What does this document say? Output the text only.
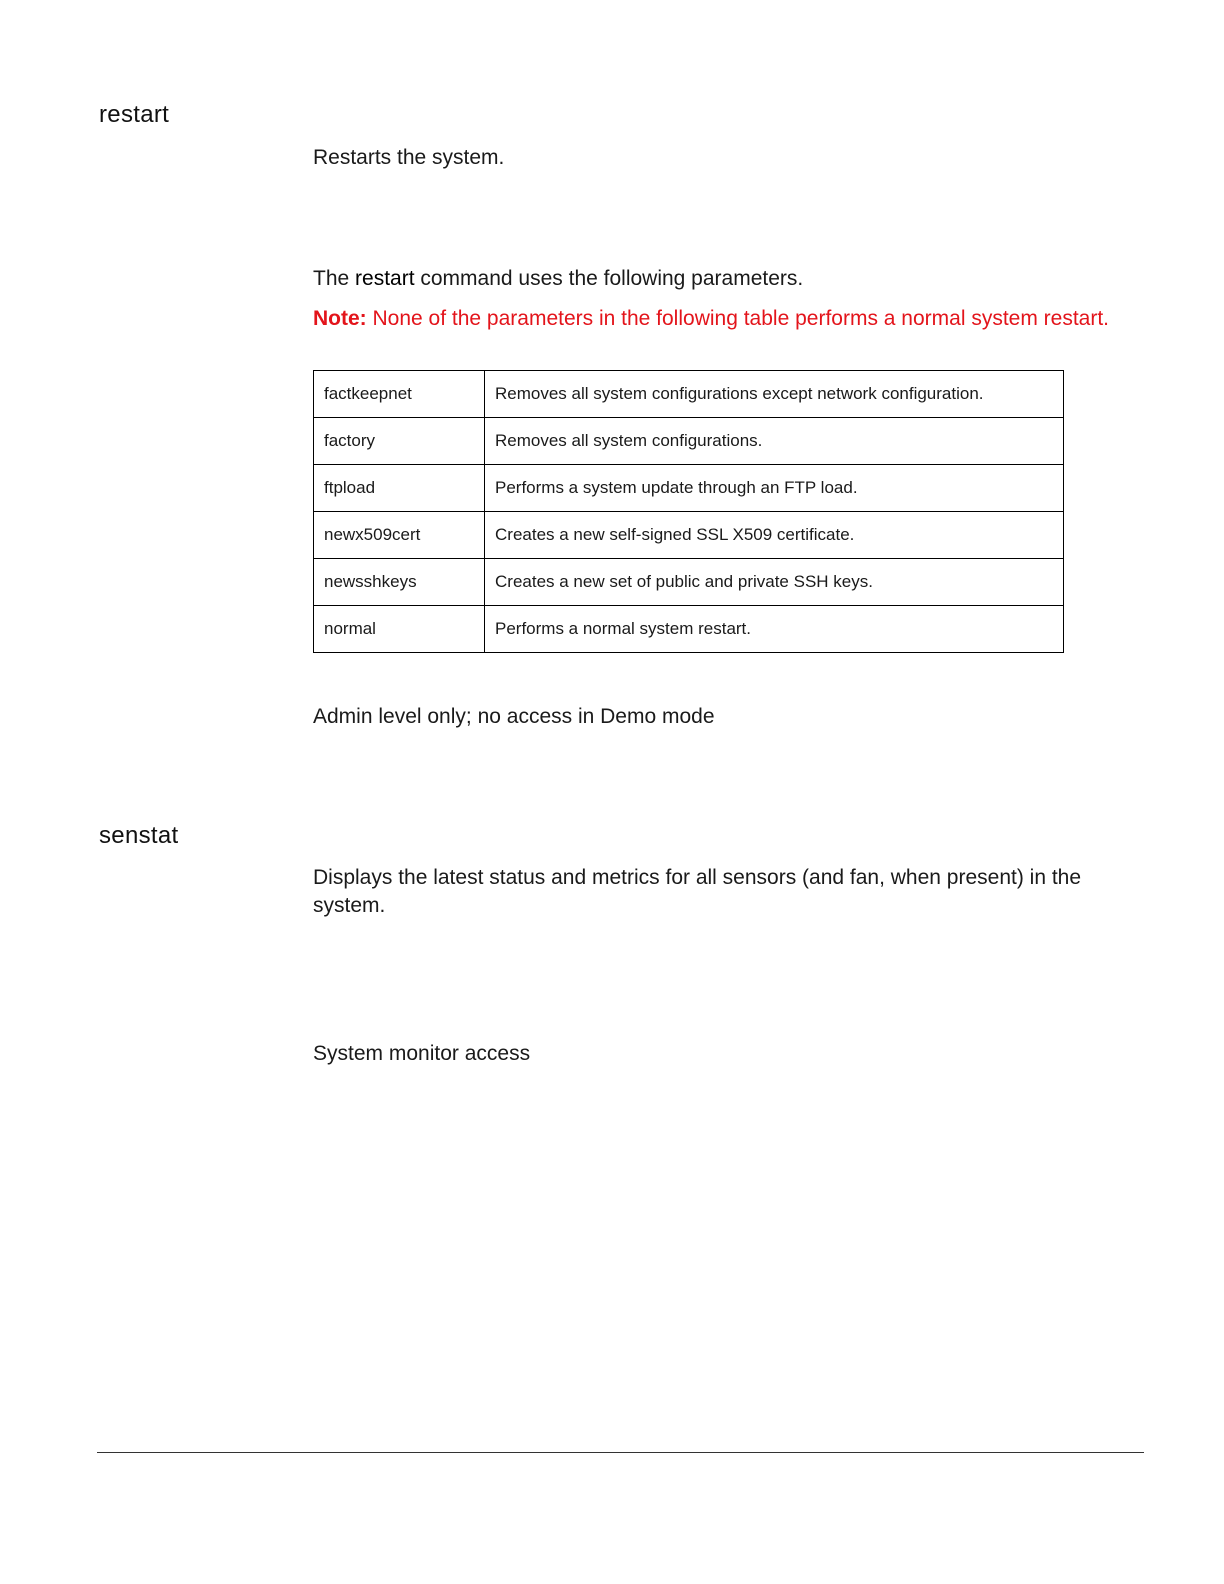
restart

Restarts the system.

The restart command uses the following parameters.

Note: None of the parameters in the following table performs a normal system restart.

factkeepnet	Removes all system configurations except network configuration.
factory	Removes all system configurations.
ftpload	Performs a system update through an FTP load.
newx509cert	Creates a new self-signed SSL X509 certificate.
newsshkeys	Creates a new set of public and private SSH keys.
normal	Performs a normal system restart.

Admin level only; no access in Demo mode

senstat

Displays the latest status and metrics for all sensors (and fan, when present) in the system.

System monitor access
